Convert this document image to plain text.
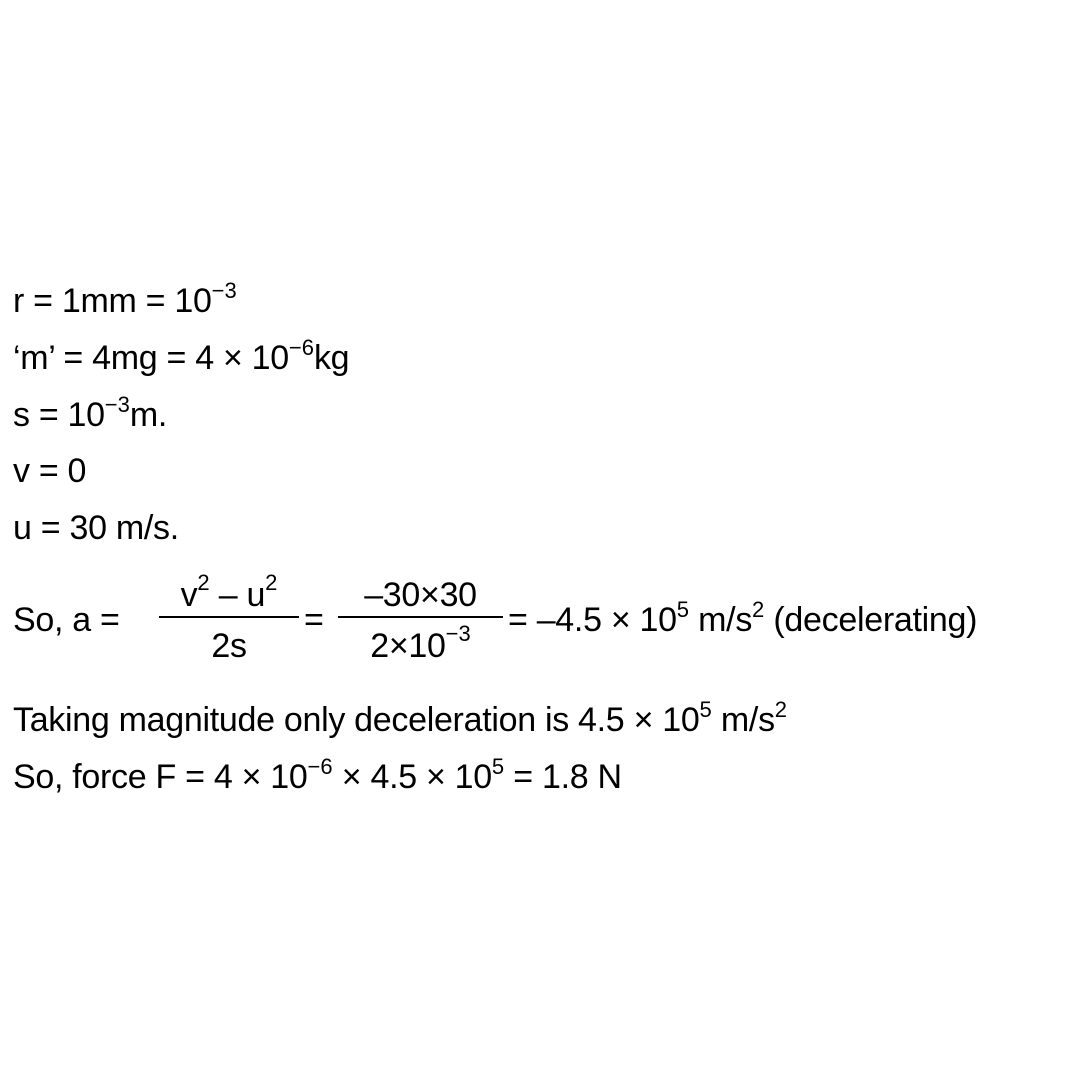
$r = 1mm = 10^{-3}$
‘m’ = $4mg = 4 \times 10^{-6}kg$
$s = 10^{-3}m$.
v = 0
u = 30 m/s.
So, a =
$v^2 - u^2$
2s
=
–30×30
$2\times 10^{-3}$	= $-4.5 \times 10^5$ $m/s^2$ (decelerating)
Taking magnitude only deceleration is $4.5 \times 10^5$ $m/s^2$
So, force $F = 4 \times 10^{-6} \times 4.5 \times 10^5 = 1.8$ N
